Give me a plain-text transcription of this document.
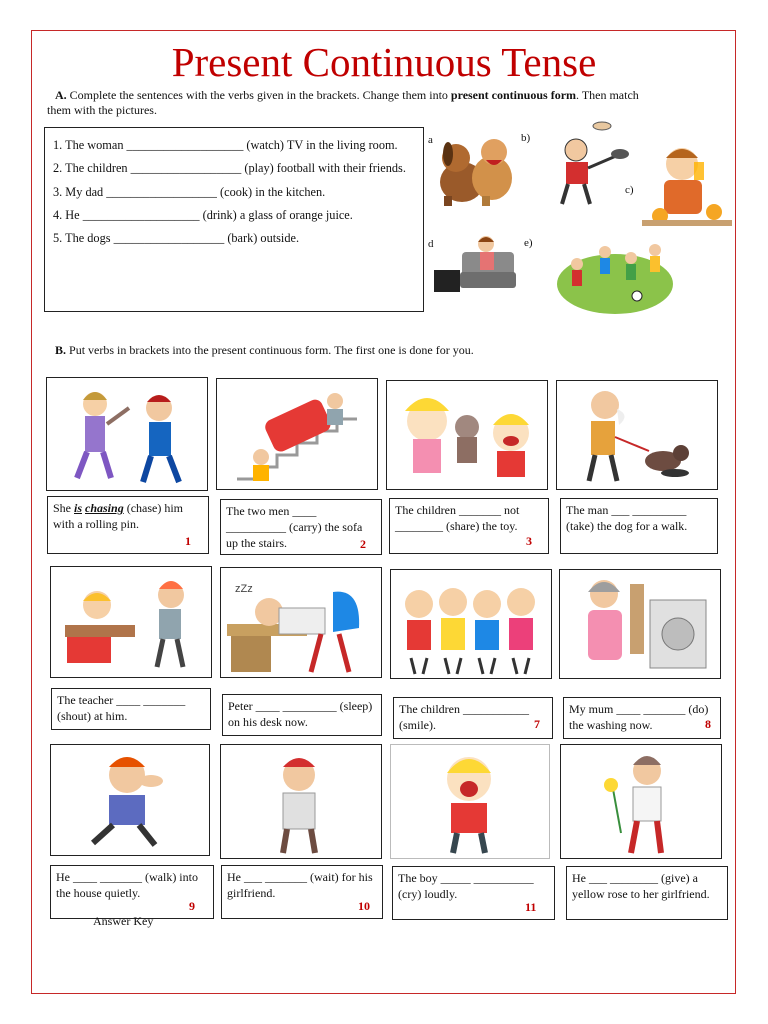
Present Continuous Tense
A. Complete the sentences with the verbs given in the brackets. Change them into present continuous form. Then match them with the pictures.
1. The woman ___________________ (watch) TV in the living room.
2. The children __________________ (play) football with their friends.
3. My dad __________________ (cook) in the kitchen.
4. He ___________________ (drink) a glass of orange juice.
5. The dogs __________________ (bark) outside.
a	b)
c)
d	e)
B. Put verbs in brackets into the present continuous form. The first one is done for you.
She is chasing (chase) him with a rolling pin.
1
The two men ____ __________ (carry) the sofa up the stairs.	2
The children _______ not ________ (share) the toy.
3
The man ___ _________ (take) the dog for a walk.
zZz
The teacher ____ _______ (shout) at him.
Peter ____ _________ (sleep) on his desk now.
The children ___________ (smile).	7
My mum ____ _______ (do) the washing now.	8
He ____ _______ (walk) into the house quietly.
9
He ___ _______ (wait) for his girlfriend.
10
The boy _____ __________ (cry) loudly.
11
He ___ ________ (give) a yellow rose to her girlfriend.
Answer Key
